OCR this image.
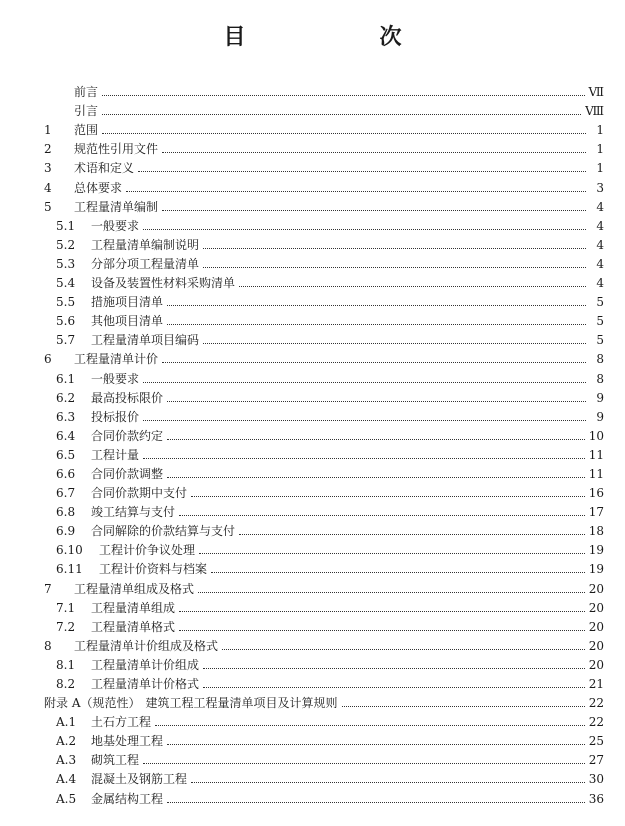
目　　次
前言	Ⅶ
引言	Ⅷ
1	范围	1
2	规范性引用文件	1
3	术语和定义	1
4	总体要求	3
5	工程量清单编制	4
5.1	一般要求	4
5.2	工程量清单编制说明	4
5.3	分部分项工程量清单	4
5.4	设备及装置性材料采购清单	4
5.5	措施项目清单	5
5.6	其他项目清单	5
5.7	工程量清单项目编码	5
6	工程量清单计价	8
6.1	一般要求	8
6.2	最高投标限价	9
6.3	投标报价	9
6.4	合同价款约定	10
6.5	工程计量	11
6.6	合同价款调整	11
6.7	合同价款期中支付	16
6.8	竣工结算与支付	17
6.9	合同解除的价款结算与支付	18
6.10	工程计价争议处理	19
6.11	工程计价资料与档案	19
7	工程量清单组成及格式	20
7.1	工程量清单组成	20
7.2	工程量清单格式	20
8	工程量清单计价组成及格式	20
8.1	工程量清单计价组成	20
8.2	工程量清单计价格式	21
附录 A（规范性） 建筑工程工程量清单项目及计算规则	22
A.1	土石方工程	22
A.2	地基处理工程	25
A.3	砌筑工程	27
A.4	混凝土及钢筋工程	30
A.5	金属结构工程	36
